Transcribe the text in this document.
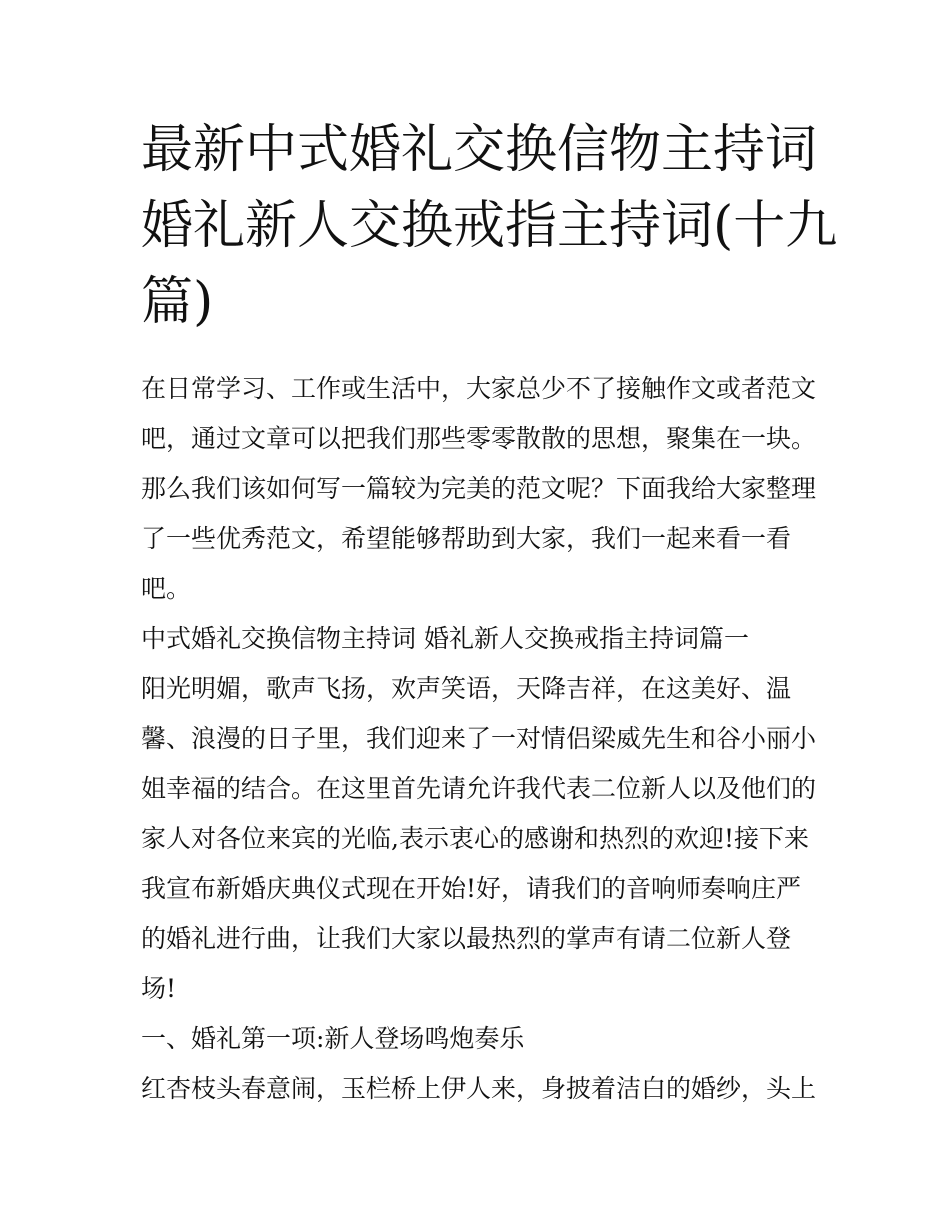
最新中式婚礼交换信物主持词
婚礼新人交换戒指主持词(十九
篇)

在日常学习、工作或生活中，大家总少不了接触作文或者范文
吧，通过文章可以把我们那些零零散散的思想，聚集在一块。
那么我们该如何写一篇较为完美的范文呢？下面我给大家整理
了一些优秀范文，希望能够帮助到大家，我们一起来看一看
吧。

中式婚礼交换信物主持词 婚礼新人交换戒指主持词篇一

阳光明媚，歌声飞扬，欢声笑语，天降吉祥，在这美好、温
馨、浪漫的日子里，我们迎来了一对情侣梁威先生和谷小丽小
姐幸福的结合。在这里首先请允许我代表二位新人以及他们的
家人对各位来宾的光临,表示衷心的感谢和热烈的欢迎!接下来
我宣布新婚庆典仪式现在开始!好，请我们的音响师奏响庄严
的婚礼进行曲，让我们大家以最热烈的掌声有请二位新人登
场!

一、婚礼第一项:新人登场鸣炮奏乐

红杏枝头春意闹，玉栏桥上伊人来，身披着洁白的婚纱，头上
